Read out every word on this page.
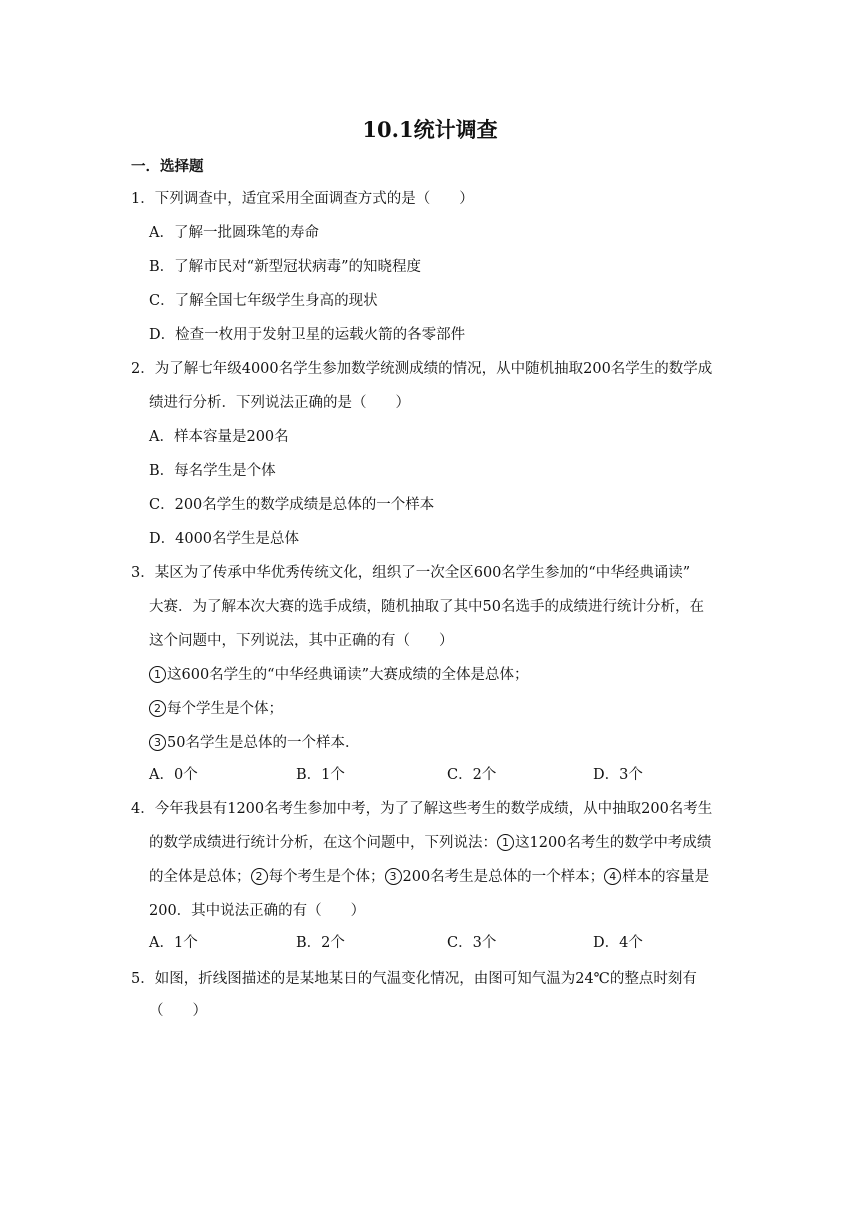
10.1统计调查
一．选择题
1．下列调查中，适宜采用全面调查方式的是（　　）
A．了解一批圆珠笔的寿命
B．了解市民对“新型冠状病毒”的知晓程度
C．了解全国七年级学生身高的现状
D．检查一枚用于发射卫星的运载火箭的各零部件
2．为了解七年级4000名学生参加数学统测成绩的情况，从中随机抽取200名学生的数学成
绩进行分析．下列说法正确的是（　　）
A．样本容量是200名
B．每名学生是个体
C．200名学生的数学成绩是总体的一个样本
D．4000名学生是总体
3．某区为了传承中华优秀传统文化，组织了一次全区600名学生参加的“中华经典诵读”
大赛．为了解本次大赛的选手成绩，随机抽取了其中50名选手的成绩进行统计分析，在
这个问题中，下列说法，其中正确的有（　　）
1 这600名学生的“中华经典诵读”大赛成绩的全体是总体；
2 每个学生是个体；
3 50名学生是总体的一个样本．
A．0个	B．1个	C．2个	D．3个
4．今年我县有1200名考生参加中考，为了了解这些考生的数学成绩，从中抽取200名考生
的数学成绩进行统计分析，在这个问题中，下列说法： 1 这1200名考生的数学中考成绩
的全体是总体； 2 每个考生是个体； 3 200名考生是总体的一个样本； 4 样本的容量是
200．其中说法正确的有（　　）
A．1个	B．2个	C．3个	D．4个
5．如图，折线图描述的是某地某日的气温变化情况，由图可知气温为24℃的整点时刻有
（　　）
